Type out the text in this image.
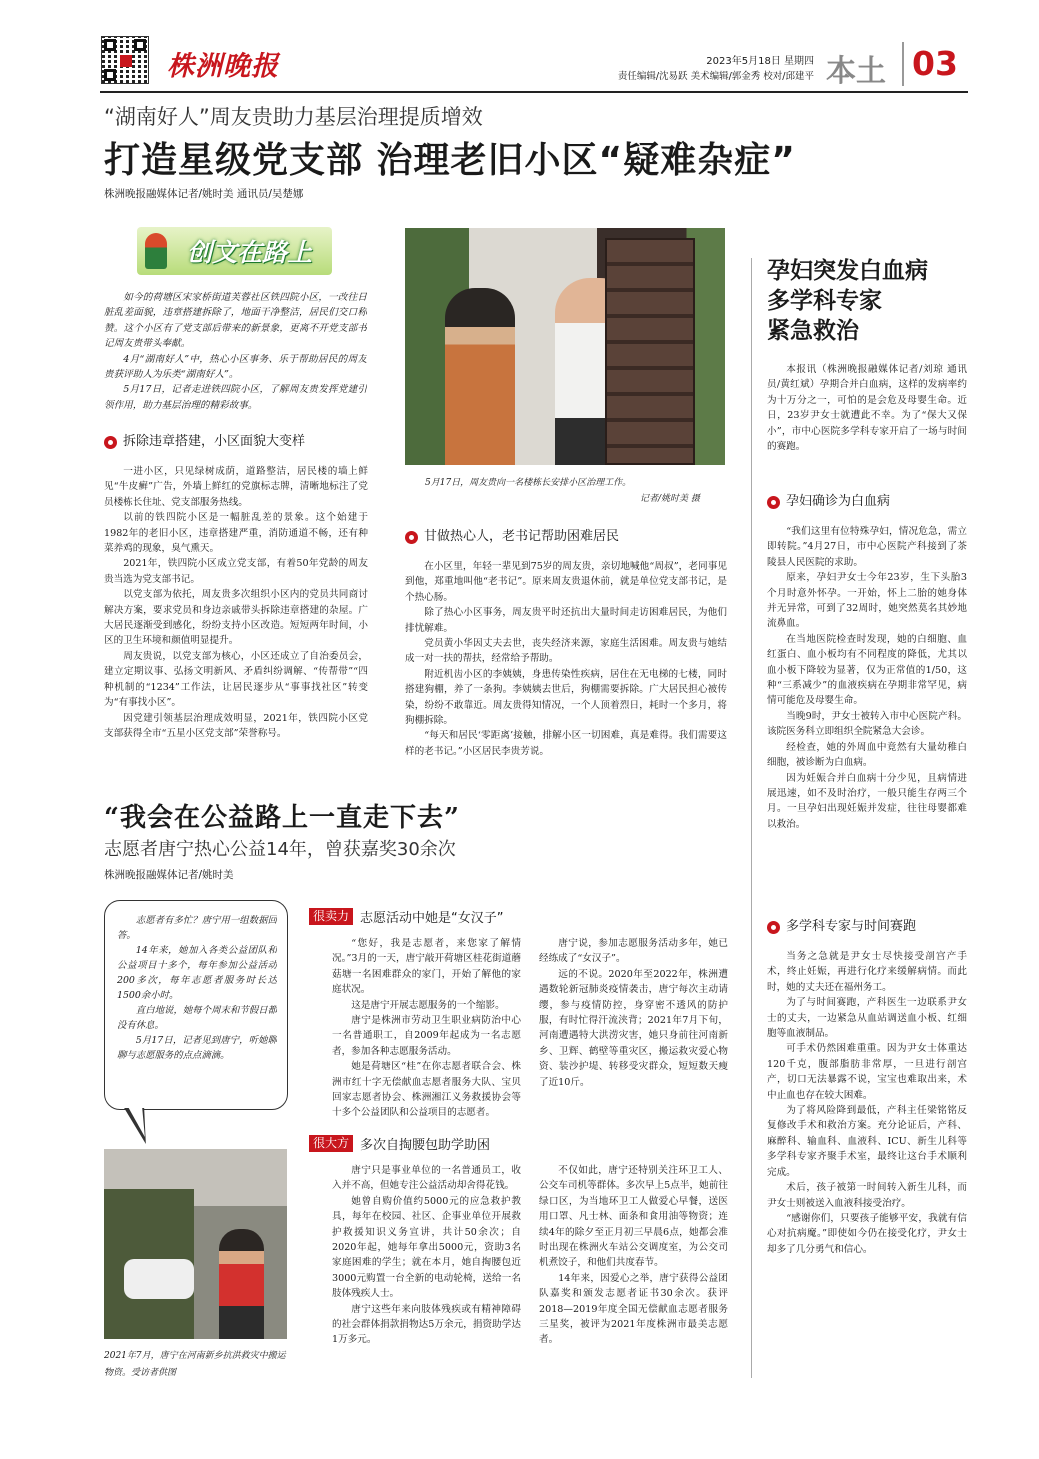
株洲晚报	2023年5月18日 星期四
责任编辑/沈易跃 美术编辑/郭金秀 校对/邱建平 本土 03
“湖南好人”周友贵助力基层治理提质增效
打造星级党支部 治理老旧小区“疑难杂症”
株洲晚报融媒体记者/姚时美 通讯员/吴楚娜
创文在路上

如今的荷塘区宋家桥街道芙蓉社区铁四院小区，一改往日脏乱差面貌，违章搭建拆除了，地面干净整洁，居民们交口称赞。这个小区有了党支部后带来的新景象，更离不开党支部书记周友贵带头奉献。

4月“湖南好人”中，热心小区事务、乐于帮助居民的周友贵获评助人为乐类“湖南好人”。

5月17日，记者走进铁四院小区，了解周友贵发挥党建引领作用，助力基层治理的精彩故事。

拆除违章搭建，小区面貌大变样

一进小区，只见绿树成荫，道路整洁，居民楼的墙上鲜见“牛皮癣”广告，外墙上鲜红的党旗标志牌，清晰地标注了党员楼栋长住址、党支部服务热线。

以前的铁四院小区是一幅脏乱差的景象。这个始建于1982年的老旧小区，违章搭建严重，消防通道不畅，还有种菜养鸡的现象，臭气熏天。

2021年，铁四院小区成立党支部，有着50年党龄的周友贵当选为党支部书记。

以党支部为依托，周友贵多次组织小区内的党员共同商讨解决方案，要求党员和身边亲戚带头拆除违章搭建的杂屋。广大居民逐渐受到感化，纷纷支持小区改造。短短两年时间，小区的卫生环境和颜值明显提升。

周友贵说，以党支部为核心，小区还成立了自治委员会，建立定期议事、弘扬文明新风、矛盾纠纷调解、“传帮带”“四种机制的“1234”工作法，让居民逐步从“事事找社区”转变为“有事找小区”。

因党建引领基层治理成效明显，2021年，铁四院小区党支部获得全市“五星小区党支部”荣誉称号。

5月17日，周友贵向一名楼栋长安排小区治理工作。
记者/姚时美 摄
甘做热心人，老书记帮助困难居民

在小区里，年轻一辈见到75岁的周友贵，亲切地喊他“周叔”，老同事见到他，郑重地叫他“老书记”。原来周友贵退休前，就是单位党支部书记，是个热心肠。

除了热心小区事务，周友贵平时还抗出大量时间走访困难居民，为他们排忧解难。

党员黄小华因丈夫去世，丧失经济来源，家庭生活困难。周友贵与她结成一对一扶的帮扶，经常给予帮助。

附近机齿小区的李姨姨，身患传染性疾病，居住在无电梯的七楼，同时搭建狗棚，养了一条狗。李姨姨去世后，狗棚需要拆除。广大居民担心被传染，纷纷不敢靠近。周友贵得知情况，一个人顶着烈日，耗时一个多月，将狗棚拆除。

“每天和居民‘零距离’接触，排解小区一切困难，真是难得。我们需要这样的老书记。”小区居民李贵芳说。

孕妇突发白血病
多学科专家
紧急救治

本报讯（株洲晚报融媒体记者/刘琼 通讯员/黄红斌）孕期合并白血病，这样的发病率约为十万分之一，可怕的是会危及母婴生命。近日，23岁尹女士就遭此不幸。为了“保大又保小”，市中心医院多学科专家开启了一场与时间的赛跑。

孕妇确诊为白血病

“我们这里有位特殊孕妇，情况危急，需立即转院。”4月27日，市中心医院产科接到了茶陵县人民医院的求助。

原来，孕妇尹女士今年23岁，生下头胎3个月时意外怀孕。一开始，怀上二胎的她身体并无异常，可到了32周时，她突然莫名其妙地流鼻血。

在当地医院检查时发现，她的白细胞、血红蛋白、血小板均有不同程度的降低，尤其以血小板下降较为显著，仅为正常值的1/50，这种“三系减少”的血液疾病在孕期非常罕见，病情可能危及母婴生命。

当晚9时，尹女士被转入市中心医院产科。该院医务科立即组织全院紧急大会诊。

经检查，她的外周血中竟然有大量幼稚白细胞，被诊断为白血病。

因为妊娠合并白血病十分少见，且病情进展迅速，如不及时治疗，一般只能生存两三个月。一旦孕妇出现妊娠并发症，往往母婴都难以救治。

多学科专家与时间赛跑

当务之急就是尹女士尽快接受剖宫产手术，终止妊娠，再进行化疗来缓解病情。而此时，她的丈夫还在福州务工。

为了与时间赛跑，产科医生一边联系尹女士的丈夫，一边紧急从血站调送血小板、红细胞等血液制品。

可手术仍然困难重重。因为尹女士体重达120千克，腹部脂肪非常厚，一旦进行剖宫产，切口无法暴露不说，宝宝也难取出来，术中止血也存在较大困难。

为了将风险降到最低，产科主任梁铭铭反复修改手术和救治方案。充分论证后，产科、麻醉科、输血科、血液科、ICU、新生儿科等多学科专家齐聚手术室，最终让这台手术顺利完成。

术后，孩子被第一时间转入新生儿科，而尹女士则被送入血液科接受治疗。

“感谢你们，只要孩子能够平安，我就有信心对抗病魔。”即使如今仍在接受化疗，尹女士却多了几分勇气和信心。

“我会在公益路上一直走下去”
志愿者唐宁热心公益14年，曾获嘉奖30余次
株洲晚报融媒体记者/姚时美

志愿者有多忙？唐宁用一组数据回答。

14年来，她加入各类公益团队和公益项目十多个，每年参加公益活动200多次，每年志愿者服务时长达1500余小时。

直白地说，她每个周末和节假日都没有休息。

5月17日，记者见到唐宁，听她聊聊与志愿服务的点点滴滴。

2021年7月，唐宁在河南新乡抗洪救灾中搬运物资。受访者供图
很卖力 志愿活动中她是“女汉子”

“您好，我是志愿者，来您家了解情况。”3月的一天，唐宁敲开荷塘区桂花街道蘑菇塘一名困难群众的家门，开始了解他的家庭状况。

这是唐宁开展志愿服务的一个缩影。

唐宁是株洲市劳动卫生职业病防治中心一名普通职工，自2009年起成为一名志愿者，参加各种志愿服务活动。

她是荷塘区“桂”在你志愿者联合会、株洲市红十字无偿献血志愿者服务大队、宝贝回家志愿者协会、株洲湘江义务救援协会等十多个公益团队和公益项目的志愿者。

唐宁说，参加志愿服务活动多年，她已经练成了“女汉子”。

远的不说。2020年至2022年，株洲遭遇数轮新冠肺炎疫情袭击，唐宁每次主动请缨，参与疫情防控，身穿密不透风的防护服，有时忙得汗流浃背；2021年7月下旬，河南遭遇特大洪涝灾害，她只身前往河南新乡、卫辉、鹤壁等重灾区，搬运救灾爱心物资、装沙护堤、转移受灾群众，短短数天瘦了近10斤。

很大方 多次自掏腰包助学助困

唐宁只是事业单位的一名普通员工，收入并不高，但她专注公益活动却舍得花钱。

她曾自购价值约5000元的应急救护教具，每年在校园、社区、企事业单位开展救护救援知识义务宣讲，共计50余次；自2020年起，她每年拿出5000元，资助3名家庭困难的学生；就在本月，她自掏腰包近3000元购置一台全新的电动轮椅，送给一名肢体残疾人士。

唐宁这些年来向肢体残疾或有精神障碍的社会群体捐款捐物达5万余元，捐资助学达1万多元。

不仅如此，唐宁还特别关注环卫工人、公交车司机等群体。多次早上5点半，她前往绿口区，为当地环卫工人做爱心早餐，送医用口罩、凡士林、面条和食用油等物资；连续4年的除夕至正月初三早晨6点，她都会准时出现在株洲火车站公交调度室，为公交司机煮饺子，和他们共度春节。

14年来，因爱心之举，唐宁获得公益团队嘉奖和颁发志愿者证书30余次。获评2018—2019年度全国无偿献血志愿者服务三星奖，被评为2021年度株洲市最美志愿者。
